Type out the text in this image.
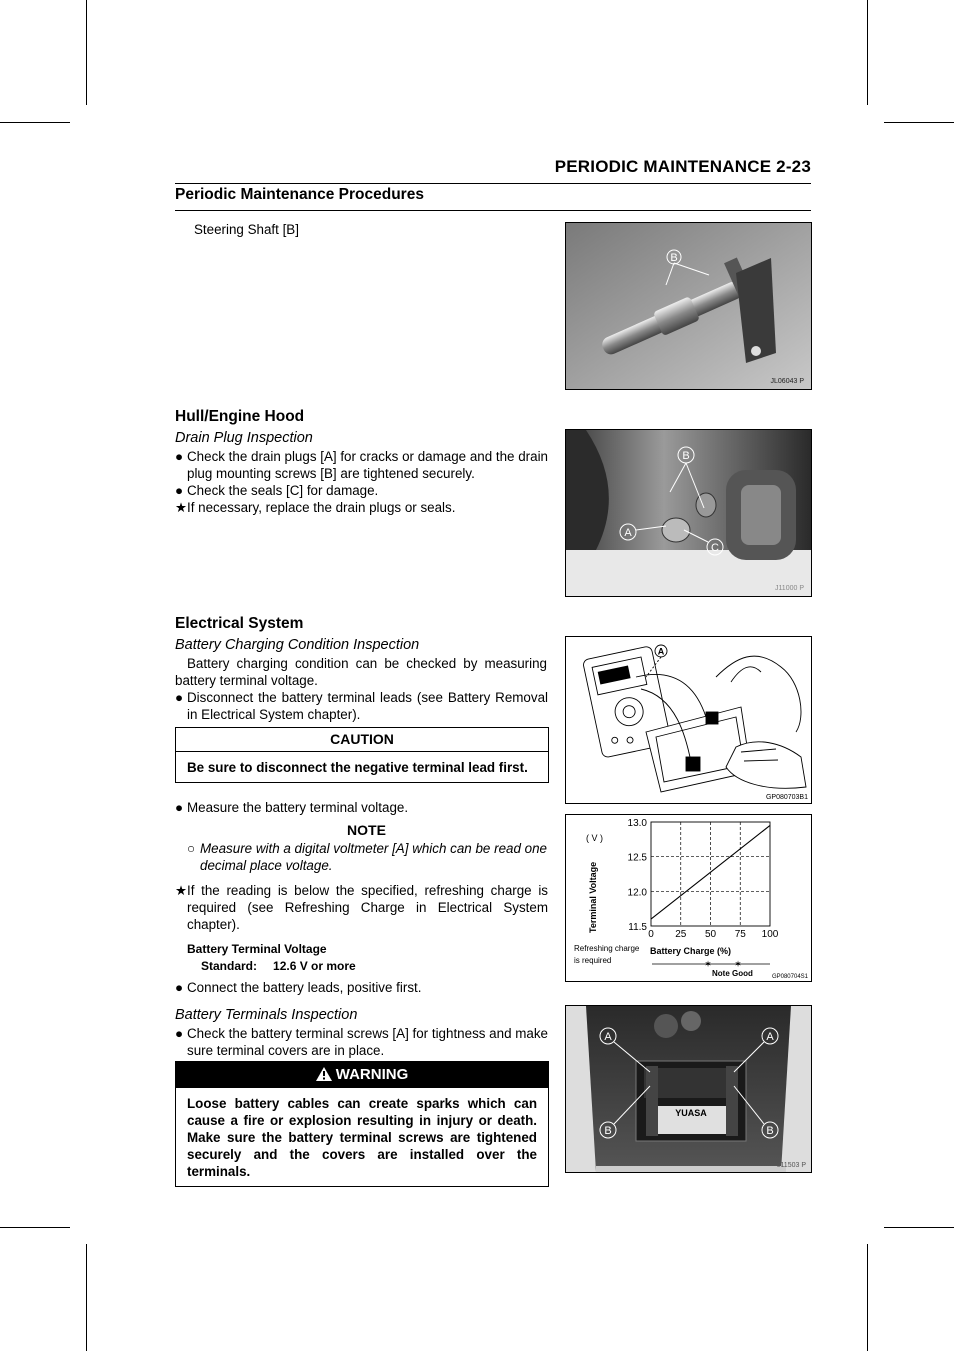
PERIODIC MAINTENANCE 2-23
Periodic Maintenance Procedures
Steering Shaft [B]
B
JL06043 P
Hull/Engine Hood
Drain Plug Inspection
● Check the drain plugs [A] for cracks or damage and the drain plug mounting screws [B] are tightened securely.
● Check the seals [C] for damage.
★ If necessary, replace the drain plugs or seals.
B
A
C
J11000 P
Electrical System
Battery Charging Condition Inspection
Battery charging condition can be checked by measuring battery terminal voltage.
● Disconnect the battery terminal leads (see Battery Removal in Electrical System chapter).
CAUTION
Be sure to disconnect the negative terminal lead first.
● Measure the battery terminal voltage.
NOTE
○ Measure with a digital voltmeter [A] which can be read one decimal place voltage.
★ If the reading is below the specified, refreshing charge is required (see Refreshing Charge in Electrical System chapter).
Battery Terminal Voltage
Standard: 12.6 V or more
● Connect the battery leads, positive first.
A
GP080703B1
( V )
Terminal Voltage
Battery Charge (%)
Refreshing charge
is required
Note Good	GP080704S1
✶ ✶
0 25 50 75 100
13.0
12.5
12.0
11.5
Battery Terminals Inspection
● Check the battery terminal screws [A] for tightness and make sure terminal covers are in place.
WARNING
Loose battery cables can create sparks which can cause a fire or explosion resulting in injury or death. Make sure the battery terminal screws are tightened securely and the covers are installed over the terminals.
YUASA
A	A
B	B
J11503 P
